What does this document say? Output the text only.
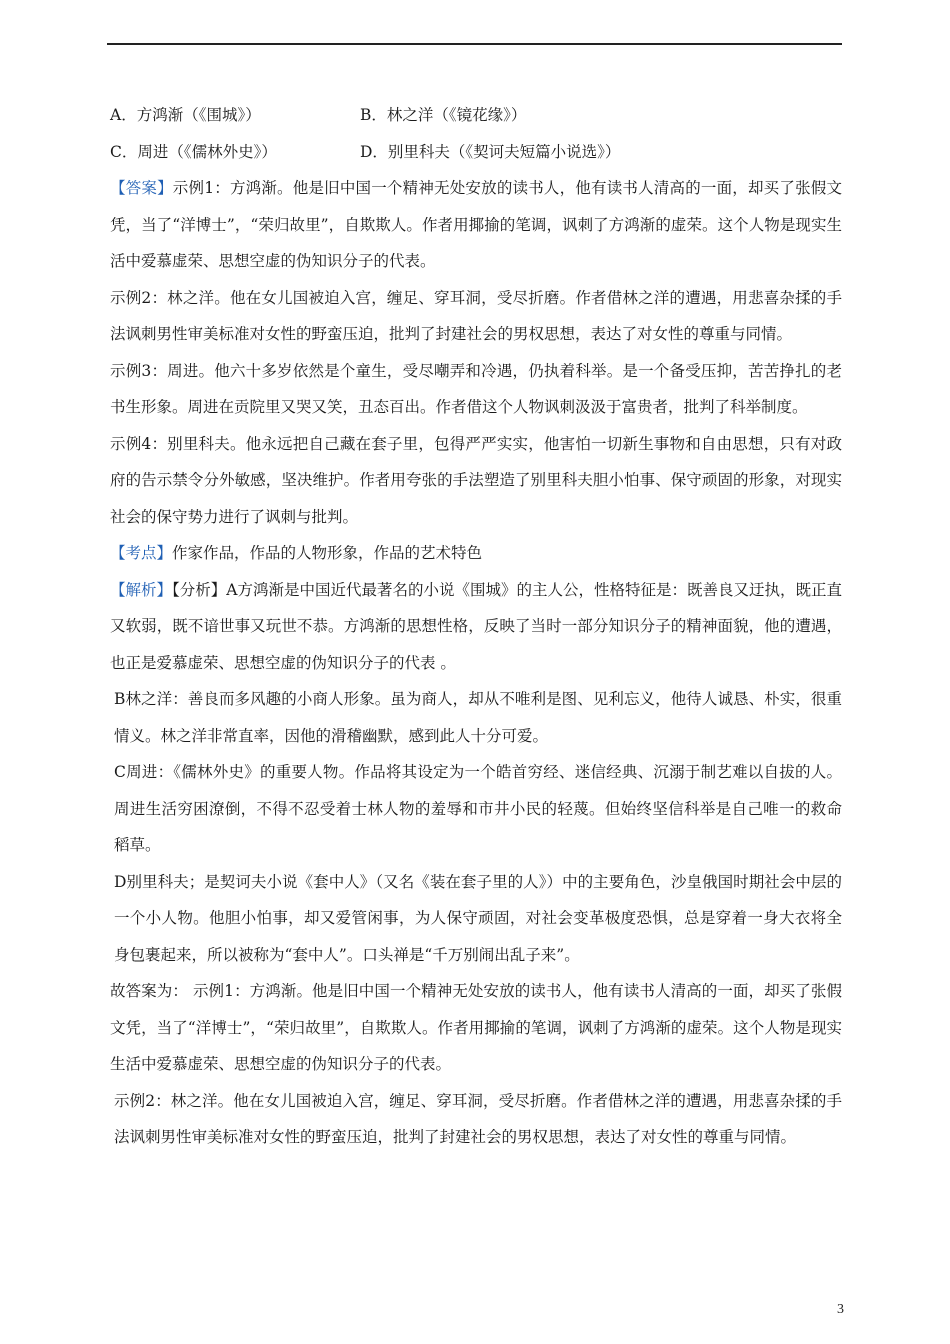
A．方鸿渐（《围城》）	B．林之洋（《镜花缘》）
C．周进（《儒林外史》）	D．别里科夫（《契诃夫短篇小说选》）

【答案】示例1：方鸿渐。他是旧中国一个精神无处安放的读书人，他有读书人清高的一面，却买了张假文凭，当了“洋博士”，“荣归故里”，自欺欺人。作者用揶揄的笔调，讽刺了方鸿渐的虚荣。这个人物是现实生活中爱慕虚荣、思想空虚的伪知识分子的代表。

示例2：林之洋。他在女儿国被迫入宫，缠足、穿耳洞，受尽折磨。作者借林之洋的遭遇，用悲喜杂揉的手法讽刺男性审美标准对女性的野蛮压迫，批判了封建社会的男权思想，表达了对女性的尊重与同情。

示例3：周进。他六十多岁依然是个童生，受尽嘲弄和冷遇，仍执着科举。是一个备受压抑，苦苦挣扎的老书生形象。周进在贡院里又哭又笑，丑态百出。作者借这个人物讽刺汲汲于富贵者，批判了科举制度。

示例4：别里科夫。他永远把自己藏在套子里，包得严严实实，他害怕一切新生事物和自由思想，只有对政府的告示禁令分外敏感，坚决维护。作者用夸张的手法塑造了别里科夫胆小怕事、保守顽固的形象，对现实社会的保守势力进行了讽刺与批判。

【考点】作家作品，作品的人物形象，作品的艺术特色

【解析】【分析】A方鸿渐是中国近代最著名的小说《围城》的主人公，性格特征是：既善良又迂执，既正直又软弱，既不谙世事又玩世不恭。方鸿渐的思想性格，反映了当时一部分知识分子的精神面貌，他的遭遇，也正是爱慕虚荣、思想空虚的伪知识分子的代表 。

B林之洋：善良而多风趣的小商人形象。虽为商人，却从不唯利是图、见利忘义，他待人诚恳、朴实，很重情义。林之洋非常直率，因他的滑稽幽默，感到此人十分可爱。

C周进：《儒林外史》的重要人物。作品将其设定为一个皓首穷经、迷信经典、沉溺于制艺难以自拔的人。周进生活穷困潦倒，不得不忍受着士林人物的羞辱和市井小民的轻蔑。但始终坚信科举是自己唯一的救命稻草。

D别里科夫；是契诃夫小说《套中人》（又名《装在套子里的人》）中的主要角色，沙皇俄国时期社会中层的一个小人物。他胆小怕事，却又爱管闲事，为人保守顽固，对社会变革极度恐惧，总是穿着一身大衣将全身包裹起来，所以被称为“套中人”。口头禅是“千万别闹出乱子来”。

故答案为： 示例1：方鸿渐。他是旧中国一个精神无处安放的读书人，他有读书人清高的一面，却买了张假文凭，当了“洋博士”，“荣归故里”，自欺欺人。作者用揶揄的笔调，讽刺了方鸿渐的虚荣。这个人物是现实生活中爱慕虚荣、思想空虚的伪知识分子的代表。

示例2：林之洋。他在女儿国被迫入宫，缠足、穿耳洞，受尽折磨。作者借林之洋的遭遇，用悲喜杂揉的手法讽刺男性审美标准对女性的野蛮压迫，批判了封建社会的男权思想，表达了对女性的尊重与同情。

3
